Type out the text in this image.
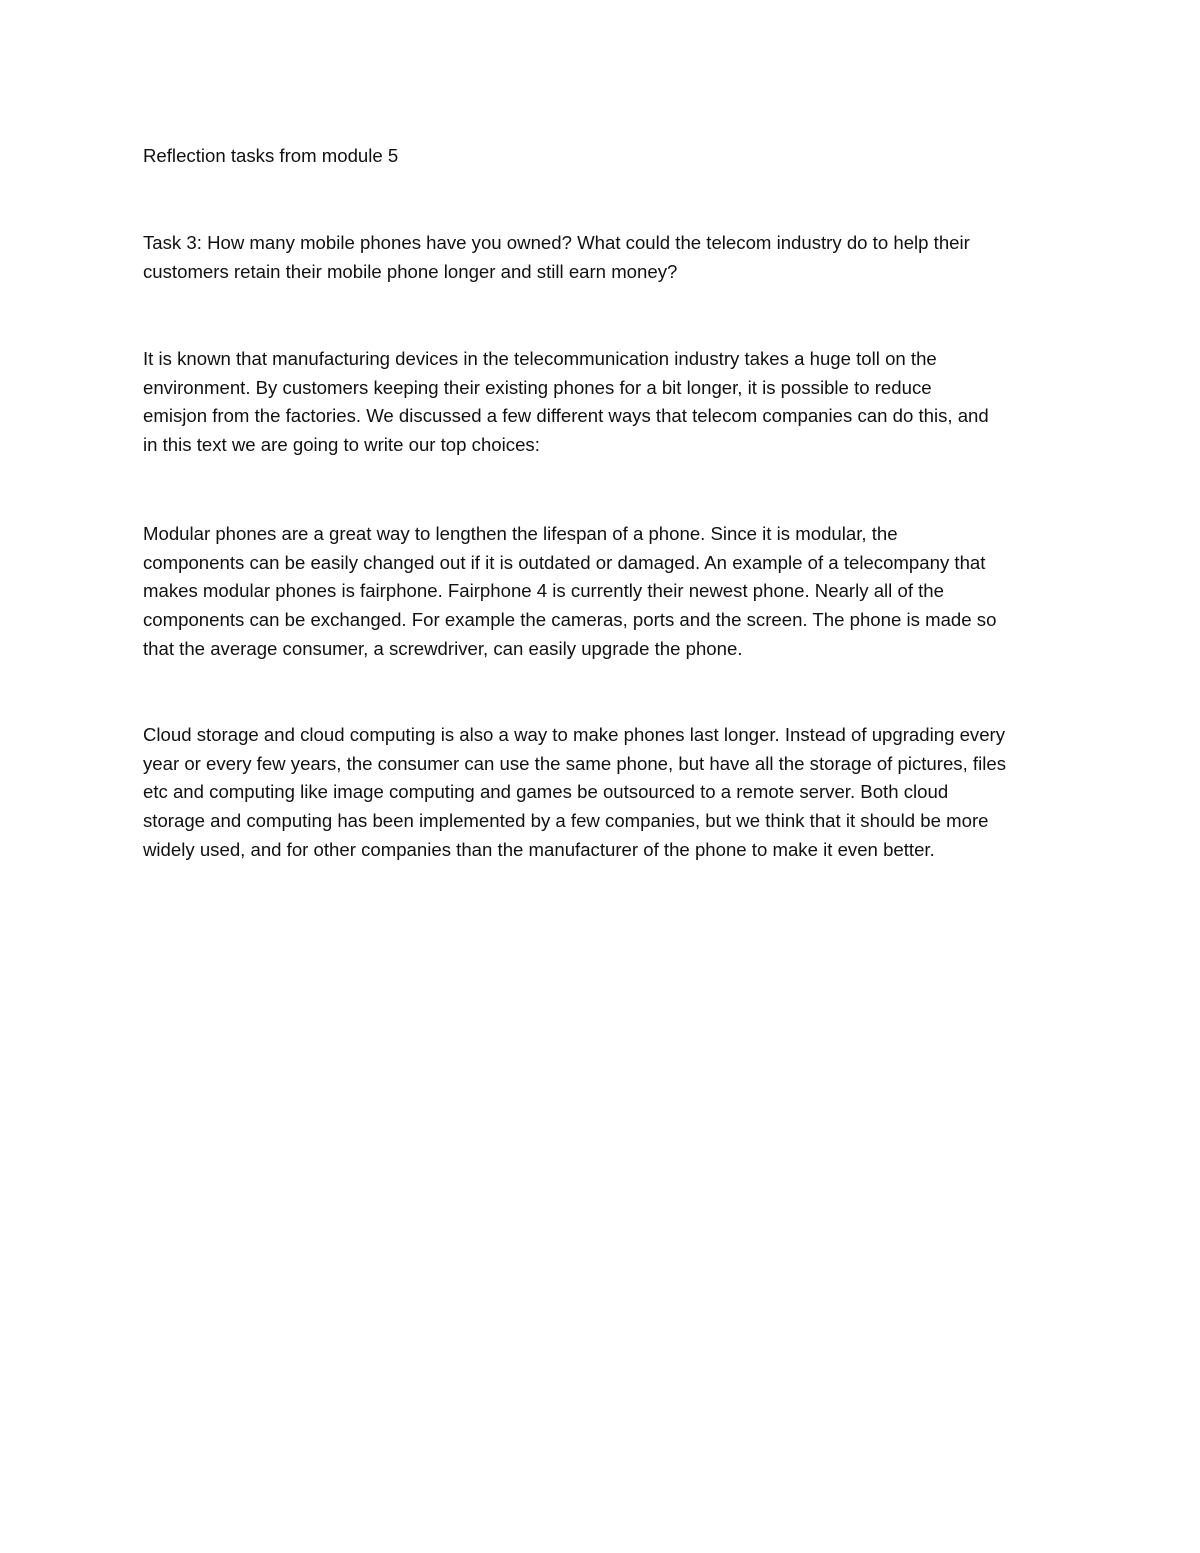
Reflection tasks from module 5
Task 3: How many mobile phones have you owned? What could the telecom industry do to help their
customers retain their mobile phone longer and still earn money?
It is known that manufacturing devices in the telecommunication industry takes a huge toll on the
environment. By customers keeping their existing phones for a bit longer, it is possible to reduce
emisjon from the factories. We discussed a few different ways that telecom companies can do this, and
in this text we are going to write our top choices:
Modular phones are a great way to lengthen the lifespan of a phone. Since it is modular, the
components can be easily changed out if it is outdated or damaged. An example of a telecompany that
makes modular phones is fairphone. Fairphone 4 is currently their newest phone. Nearly all of the
components can be exchanged. For example the cameras, ports and the screen. The phone is made so
that the average consumer, a screwdriver, can easily upgrade the phone.
Cloud storage and cloud computing is also a way to make phones last longer. Instead of upgrading every
year or every few years, the consumer can use the same phone, but have all the storage of pictures, files
etc and computing like image computing and games be outsourced to a remote server. Both cloud
storage and computing has been implemented by a few companies, but we think that it should be more
widely used, and for other companies than the manufacturer of the phone to make it even better.
